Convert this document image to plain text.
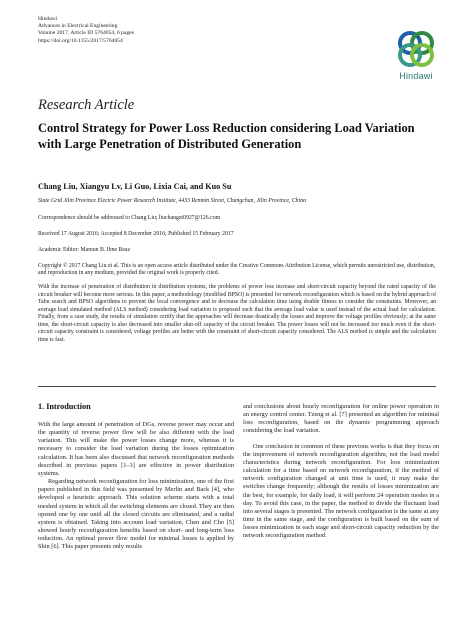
Hindawi
Advances in Electrical Engineering
Volume 2017, Article ID 5764054, 6 pages
https://doi.org/10.1155/2017/5764054
Hindawi
Research Article
Control Strategy for Power Loss Reduction considering Load Variation with Large Penetration of Distributed Generation
Chang Liu, Xiangyu Lv, Li Guo, Lixia Cai, and Kuo Su
State Grid Jilin Province Electric Power Research Institute, 4433 Renmin Street, Changchun, Jilin Province, China
Correspondence should be addressed to Chang Liu; liuchangzt0927@126.com
Received 17 August 2016; Accepted 8 December 2016; Published 15 February 2017
Academic Editor: Mamun B. Ibne Reaz
Copyright © 2017 Chang Liu et al. This is an open access article distributed under the Creative Commons Attribution License, which permits unrestricted use, distribution, and reproduction in any medium, provided the original work is properly cited.
With the increase of penetration of distribution in distribution systems, the problems of power loss increase and short-circuit capacity beyond the rated capacity of the circuit breaker will become more serious. In this paper, a methodology (modified BPSO) is presented for network reconfiguration which is based on the hybrid approach of Tabu search and BPSO algorithms to prevent the local convergence and to decrease the calculation time using double fitness to consider the constraints. Moreover, an average load simulated method (ALS method) considering load variation is proposed such that the average load value is used instead of the actual load for calculation. Finally, from a case study, the results of simulation certify that the approaches will decrease drastically the losses and improve the voltage profiles obviously; at the same time, the short-circuit capacity is also decreased into smaller shut-off capacity of the circuit breaker. The power losses will not be increased too much even if the short-circuit capacity constraint is considered; voltage profiles are better with the constraint of short-circuit capacity considered. The ALS method is simple and the calculation time is fast.
1. Introduction

With the large amount of penetration of DGs, reverse power may occur and the quantity of reverse power flow will be also different with the load variation. This will make the power losses change more, whereas it is necessary to consider the load variation during the losses optimization calculation. It has been also discussed that network reconfiguration methods described in previous papers [1–3] are effective in power distribution systems.

Regarding network reconfiguration for loss minimization, one of the first papers published in this field was presented by Merlin and Back [4], who developed a heuristic approach. This solution scheme starts with a total meshed system in which all the switching elements are closed. They are then opened one by one until all the closed circuits are eliminated, and a radial system is obtained. Taking into account load variation, Chen and Cho [5] showed hourly reconfiguration benefits based on short- and long-term loss reduction. An optimal power flow model for minimal losses is applied by Shin [6]. This paper presents only results

and conclusions about hourly reconfiguration for online power operation in an energy control center. Tzeng et al. [7] presented an algorithm for minimal loss reconfiguration, based on the dynamic programming approach considering the load variation.

One conclusion in common of these previous works is that they focus on the improvement of network reconfiguration algorithm, not the load model characteristics during network reconfiguration. For loss minimization calculation for a time based on network reconfiguration, if the method of network configuration changed at unit time is used, it may make the switches change frequently; although the results of losses minimization are the best, for example, for daily load, it will perform 24 operation modes in a day. To avoid this case, in the paper, the method to divide the fluctuant load into several stages is presented. The network configuration is the same at any time in the same stage, and the configuration is built based on the sum of losses minimization in each stage and short-circuit capacity reduction by the network reconfiguration method.
